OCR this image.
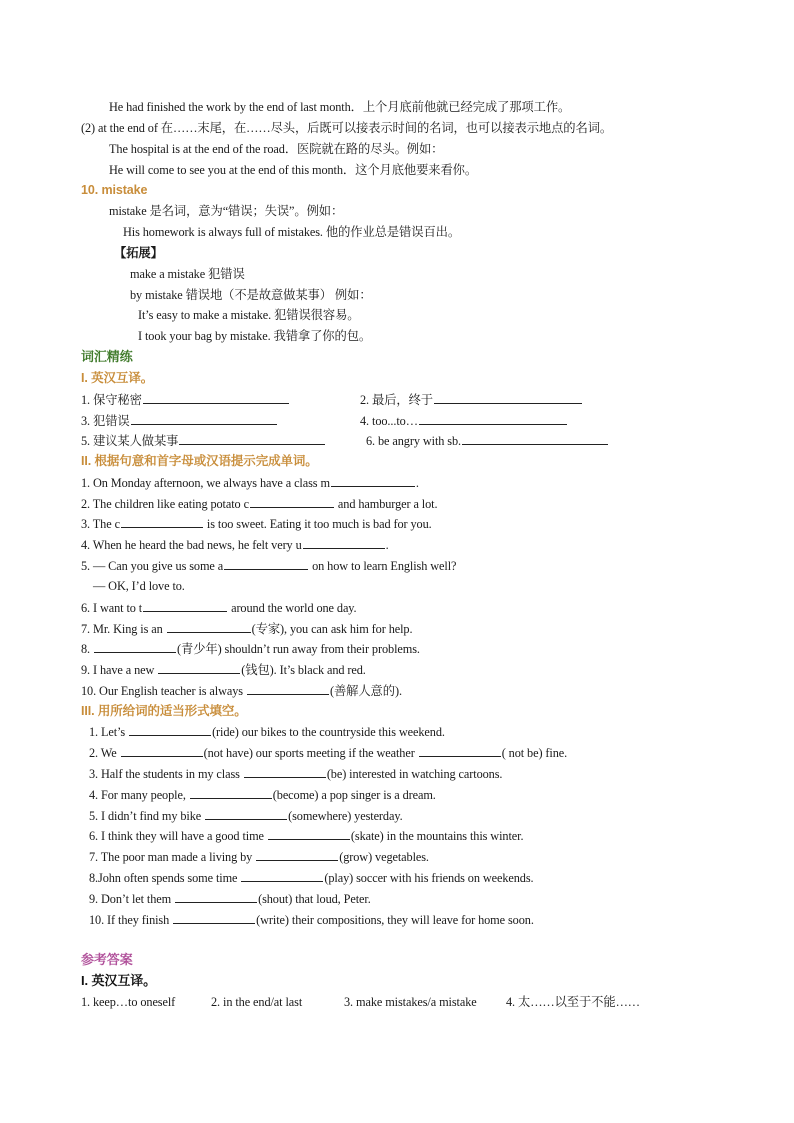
He had finished the work by the end of last month．上个月底前他就已经完成了那项工作。
(2) at the end of 在……末尾，在……尽头，后既可以接表示时间的名词，也可以接表示地点的名词。
The hospital is at the end of the road．医院就在路的尽头。例如：
He will come to see you at the end of this month．这个月底他要来看你。
10. mistake
mistake 是名词，意为“错误；失误”。例如：
His homework is always full of mistakes. 他的作业总是错误百出。
【拓展】
make a mistake 犯错误
by mistake 错误地（不是故意做某事） 例如：
It’s easy to make a mistake. 犯错误很容易。
I took your bag by mistake. 我错拿了你的包。
词汇精练
I. 英汉互译。
1. 保守秘密	2. 最后，终于
3. 犯错误	4. too...to…
5. 建议某人做某事	6. be angry with sb.
II. 根据句意和首字母或汉语提示完成单词。
1. On Monday afternoon, we always have a class m	.
2. The children like eating potato c	and hamburger a lot.
3. The c	is too sweet. Eating it too much is bad for you.
4. When he heard the bad news, he felt very u	.
5. — Can you give us some a	on how to learn English well?
— OK, I’d love to.
6. I want to t	around the world one day.
7. Mr. King is an	(专家), you can ask him for help.
8.	(青少年) shouldn’t run away from their problems.
9. I have a new	(钱包). It’s black and red.
10. Our English teacher is always	(善解人意的).
III. 用所给词的适当形式填空。
1. Let’s	(ride) our bikes to the countryside this weekend.
2. We	(not have) our sports meeting if the weather	( not be) fine.
3. Half the students in my class	(be) interested in watching cartoons.
4. For many people,	(become) a pop singer is a dream.
5. I didn’t find my bike	(somewhere) yesterday.
6. I think they will have a good time	(skate) in the mountains this winter.
7. The poor man made a living by	(grow) vegetables.
8.John often spends some time	(play) soccer with his friends on weekends.
9. Don’t let them	(shout) that loud, Peter.
10. If they finish	(write) their compositions, they will leave for home soon.
参考答案
I. 英汉互译。
1. keep…to oneself	2. in the end/at last	3. make mistakes/a mistake 4. 太……以至于不能……
